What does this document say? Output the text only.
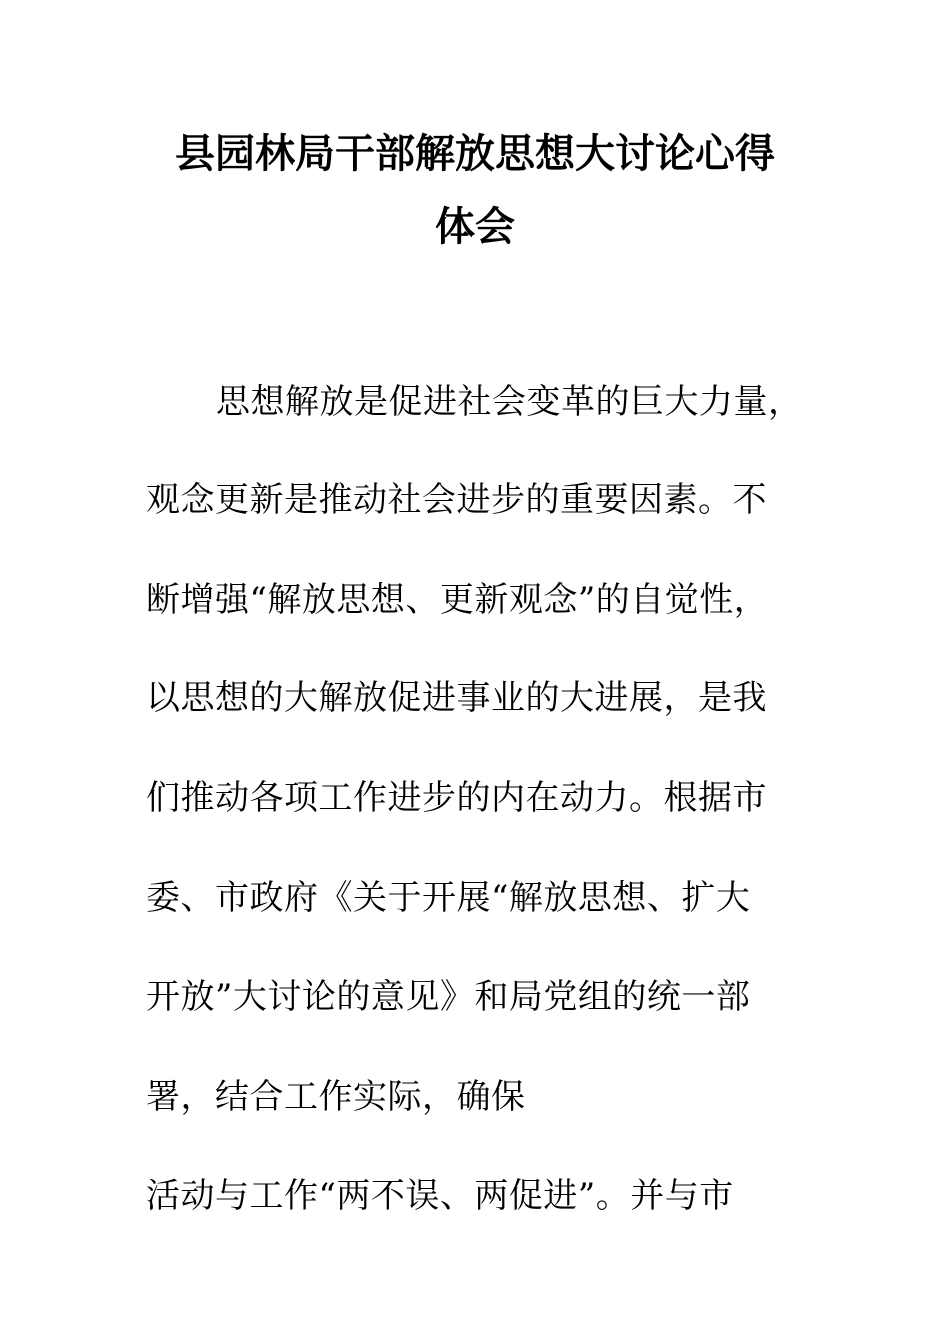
县园林局干部解放思想大讨论心得
体会
思想解放是促进社会变革的巨大力量，
观念更新是推动社会进步的重要因素。不
断增强“解放思想、更新观念”的自觉性，
以思想的大解放促进事业的大进展，是我
们推动各项工作进步的内在动力。根据市
委、市政府《关于开展“解放思想、扩大
开放”大讨论的意见》和局党组的统一部
署，结合工作实际，确保
活动与工作“两不误、两促进”。并与市
